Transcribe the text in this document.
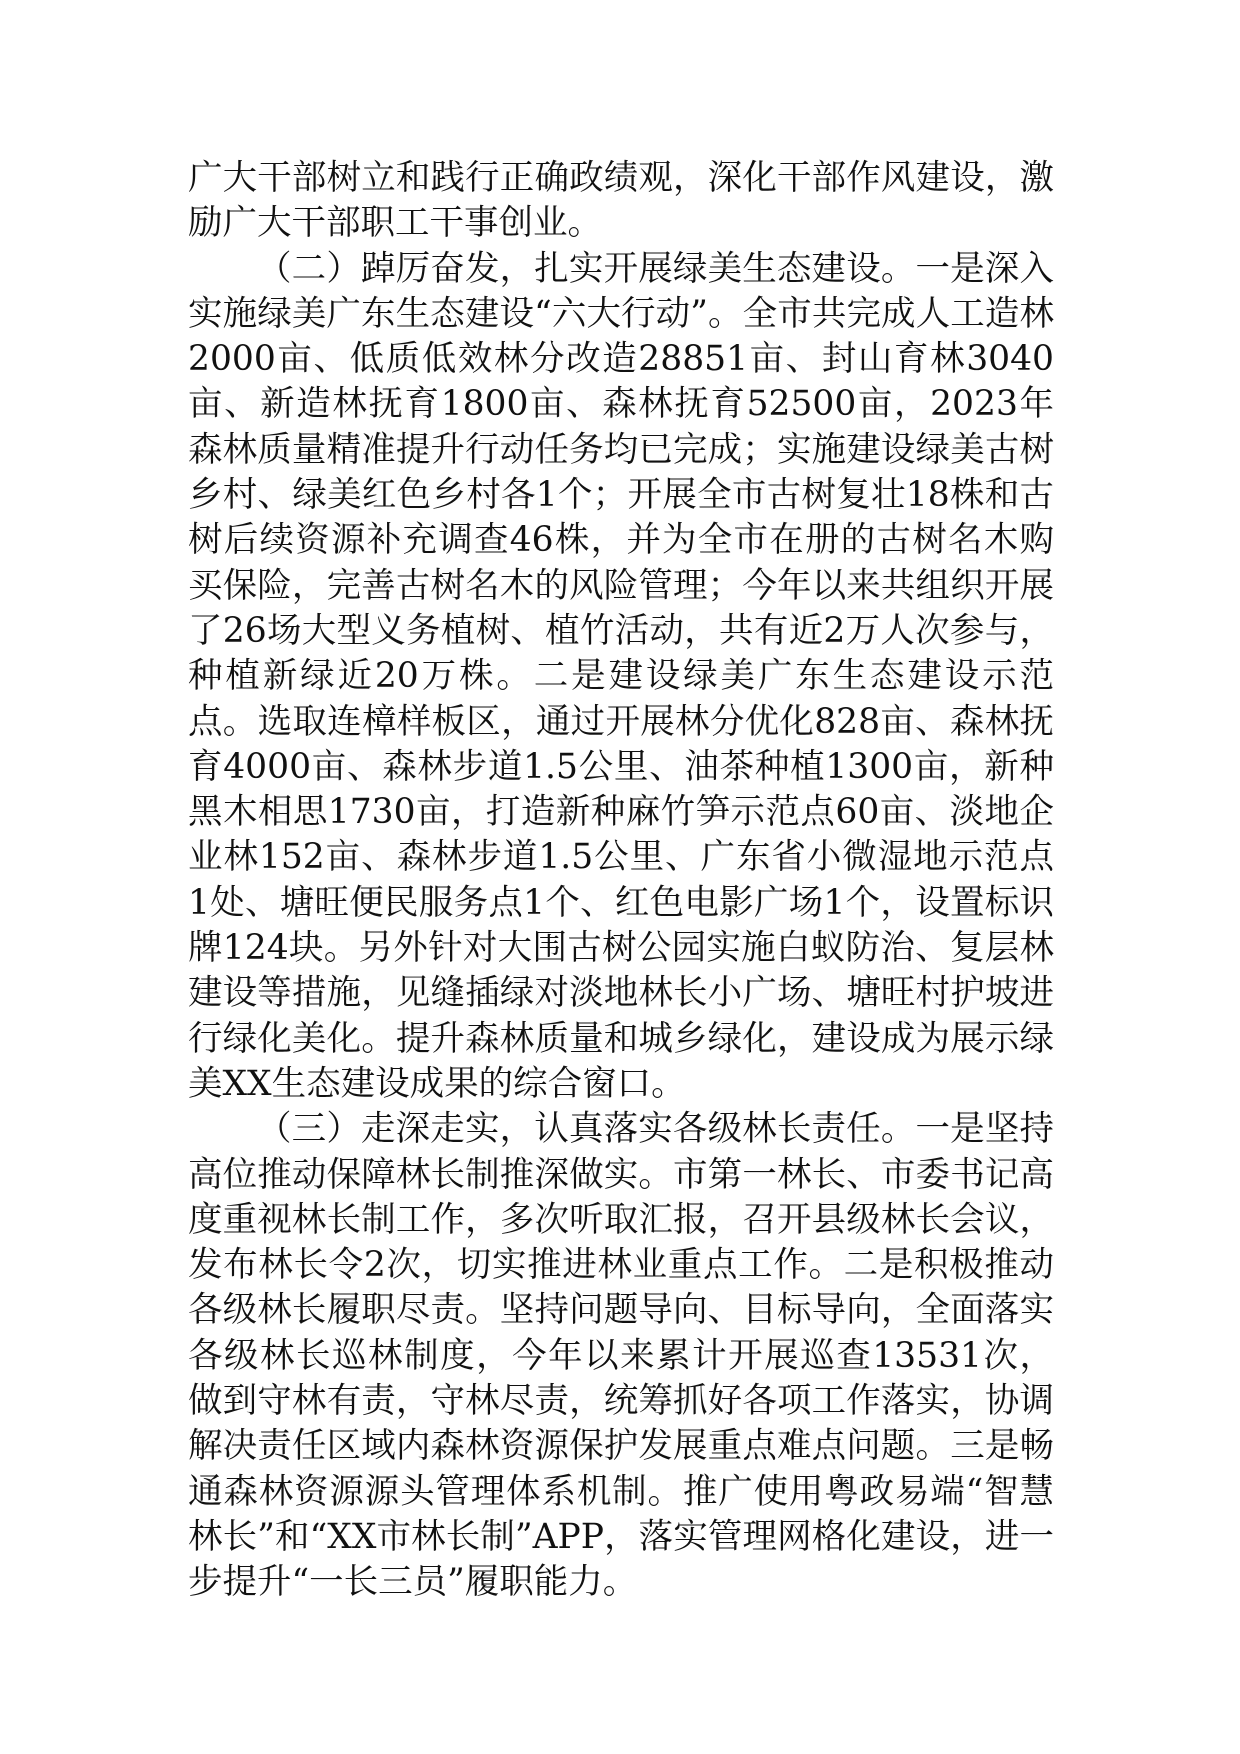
广大干部树立和践行正确政绩观，深化干部作风建设，激励广大干部职工干事创业。

（二）踔厉奋发，扎实开展绿美生态建设。一是深入实施绿美广东生态建设“六大行动”。全市共完成人工造林2000亩、低质低效林分改造28851亩、封山育林3040亩、新造林抚育1800亩、森林抚育52500亩，2023年森林质量精准提升行动任务均已完成；实施建设绿美古树乡村、绿美红色乡村各1个；开展全市古树复壮18株和古树后续资源补充调查46株，并为全市在册的古树名木购买保险，完善古树名木的风险管理；今年以来共组织开展了26场大型义务植树、植竹活动，共有近2万人次参与，种植新绿近20万株。二是建设绿美广东生态建设示范点。选取连樟样板区，通过开展林分优化828亩、森林抚育4000亩、森林步道1.5公里、油茶种植1300亩，新种黑木相思1730亩，打造新种麻竹笋示范点60亩、淡地企业林152亩、森林步道1.5公里、广东省小微湿地示范点1处、塘旺便民服务点1个、红色电影广场1个，设置标识牌124块。另外针对大围古树公园实施白蚁防治、复层林建设等措施，见缝插绿对淡地林长小广场、塘旺村护坡进行绿化美化。提升森林质量和城乡绿化，建设成为展示绿美XX生态建设成果的综合窗口。

（三）走深走实，认真落实各级林长责任。一是坚持高位推动保障林长制推深做实。市第一林长、市委书记高度重视林长制工作，多次听取汇报，召开县级林长会议，发布林长令2次，切实推进林业重点工作。二是积极推动各级林长履职尽责。坚持问题导向、目标导向，全面落实各级林长巡林制度，今年以来累计开展巡查13531次，做到守林有责，守林尽责，统筹抓好各项工作落实，协调解决责任区域内森林资源保护发展重点难点问题。三是畅通森林资源源头管理体系机制。推广使用粤政易端“智慧林长”和“XX市林长制”APP，落实管理网格化建设，进一步提升“一长三员”履职能力。
